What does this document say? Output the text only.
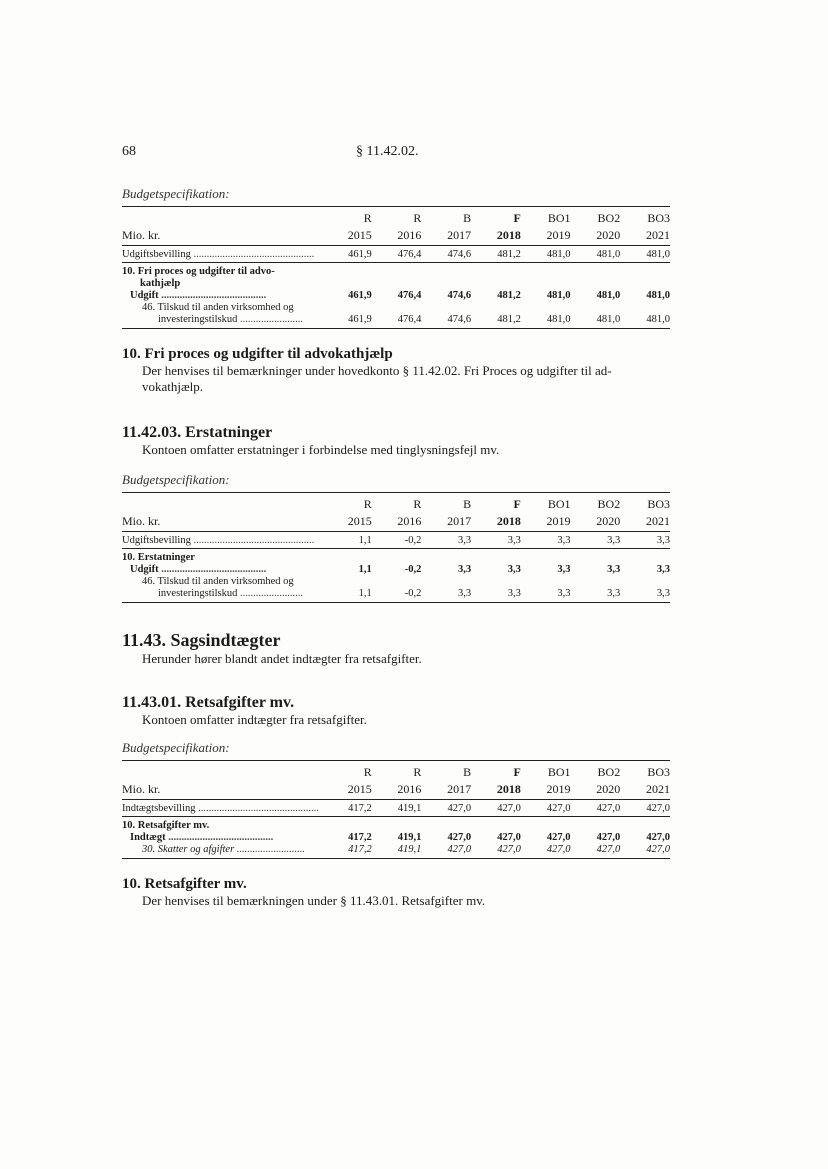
68	§ 11.42.02.
Budgetspecifikation:

	R	R	B	F	BO1	BO2	BO3
Mio. kr.	2015	2016	2017	2018	2019	2020	2021
Udgiftsbevilling ..............................................	461,9	476,4	474,6	481,2	481,0	481,0	481,0
10. Fri proces og udgifter til advo-							
kathjælp							
Udgift ........................................	461,9	476,4	474,6	481,2	481,0	481,0	481,0
46. Tilskud til anden virksomhed og							
investeringstilskud ........................	461,9	476,4	474,6	481,2	481,0	481,0	481,0
10. Fri proces og udgifter til advokathjælp
Der henvises til bemærkninger under hovedkonto § 11.42.02. Fri Proces og udgifter til ad-vokathjælp.
11.42.03. Erstatninger
Kontoen omfatter erstatninger i forbindelse med tinglysningsfejl mv.
Budgetspecifikation:

	R	R	B	F	BO1	BO2	BO3
Mio. kr.	2015	2016	2017	2018	2019	2020	2021
Udgiftsbevilling ..............................................	1,1	-0,2	3,3	3,3	3,3	3,3	3,3
10. Erstatninger							
Udgift ........................................	1,1	-0,2	3,3	3,3	3,3	3,3	3,3
46. Tilskud til anden virksomhed og							
investeringstilskud ........................	1,1	-0,2	3,3	3,3	3,3	3,3	3,3
11.43. Sagsindtægter
Herunder hører blandt andet indtægter fra retsafgifter.
11.43.01. Retsafgifter mv.
Kontoen omfatter indtægter fra retsafgifter.
Budgetspecifikation:

	R	R	B	F	BO1	BO2	BO3
Mio. kr.	2015	2016	2017	2018	2019	2020	2021
Indtægtsbevilling ..............................................	417,2	419,1	427,0	427,0	427,0	427,0	427,0
10. Retsafgifter mv.							
Indtægt ........................................	417,2	419,1	427,0	427,0	427,0	427,0	427,0
30. Skatter og afgifter ..........................	417,2	419,1	427,0	427,0	427,0	427,0	427,0
10. Retsafgifter mv.
Der henvises til bemærkningen under § 11.43.01. Retsafgifter mv.
